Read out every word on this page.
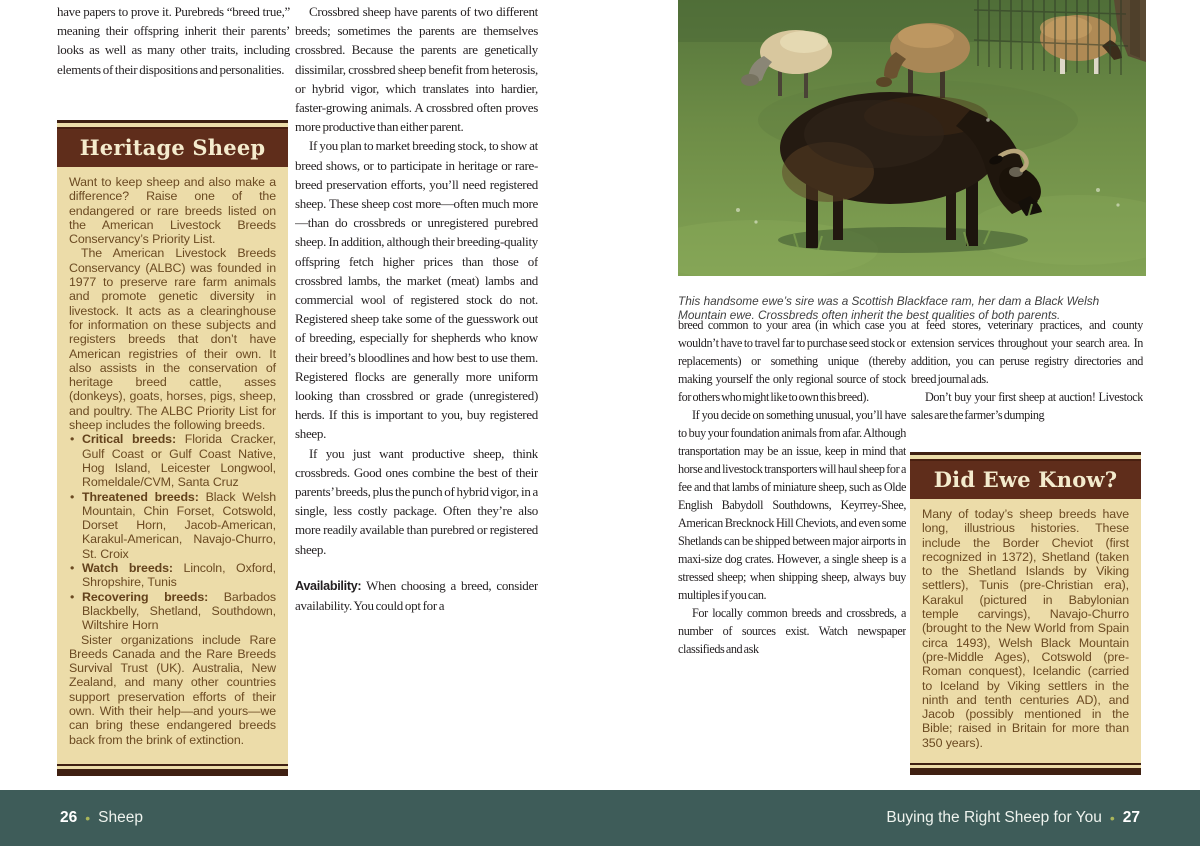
have papers to prove it. Purebreds “breed true,” meaning their offspring inherit their parents’ looks as well as many other traits, including elements of their dispositions and personalities.

Heritage Sheep

Want to keep sheep and also make a difference? Raise one of the endangered or rare breeds listed on the American Livestock Breeds Conservancy’s Priority List.

The American Livestock Breeds Conservancy (ALBC) was founded in 1977 to preserve rare farm animals and promote genetic diversity in livestock. It acts as a clearinghouse for information on these subjects and registers breeds that don’t have American registries of their own. It also assists in the conservation of heritage breed cattle, asses (donkeys), goats, horses, pigs, sheep, and poultry. The ALBC Priority List for sheep includes the following breeds.

• Critical breeds: Florida Cracker, Gulf Coast or Gulf Coast Native, Hog Island, Leicester Longwool, Romeldale/CVM, Santa Cruz
• Threatened breeds: Black Welsh Mountain, Chin Forset, Cotswold, Dorset Horn, Jacob-American, Karakul-American, Navajo-Churro, St. Croix
• Watch breeds: Lincoln, Oxford, Shropshire, Tunis
• Recovering breeds: Barbados Blackbelly, Shetland, Southdown, Wiltshire Horn

Sister organizations include Rare Breeds Canada and the Rare Breeds Survival Trust (UK). Australia, New Zealand, and many other countries support preservation efforts of their own. With their help—and yours—we can bring these endangered breeds back from the brink of extinction.

Crossbred sheep have parents of two different breeds; sometimes the parents are themselves crossbred. Because the parents are genetically dissimilar, crossbred sheep benefit from heterosis, or hybrid vigor, which translates into hardier, faster-growing animals. A crossbred often proves more productive than either parent.

If you plan to market breeding stock, to show at breed shows, or to participate in heritage or rare-breed preservation efforts, you’ll need registered sheep. These sheep cost more—often much more—than do crossbreds or unregistered purebred sheep. In addition, although their breeding-quality offspring fetch higher prices than those of crossbred lambs, the market (meat) lambs and commercial wool of registered stock do not. Registered sheep take some of the guesswork out of breeding, especially for shepherds who know their breed’s bloodlines and how best to use them. Registered flocks are generally more uniform looking than crossbred or grade (unregistered) herds. If this is important to you, buy registered sheep.

If you just want productive sheep, think crossbreds. Good ones combine the best of their parents’ breeds, plus the punch of hybrid vigor, in a single, less costly package. Often they’re also more readily available than purebred or registered sheep.

Availability: When choosing a breed, consider availability. You could opt for a

This handsome ewe’s sire was a Scottish Blackface ram, her dam a Black Welsh Mountain ewe. Crossbreds often inherit the best qualities of both parents.

breed common to your area (in which case you wouldn’t have to travel far to purchase seed stock or replacements) or something unique (thereby making yourself the only regional source of stock for others who might like to own this breed).

If you decide on something unusual, you’ll have to buy your foundation animals from afar. Although transportation may be an issue, keep in mind that horse and livestock transporters will haul sheep for a fee and that lambs of miniature sheep, such as Olde English Babydoll Southdowns, Keyrrey-Shee, American Brecknock Hill Cheviots, and even some Shetlands can be shipped between major airports in maxi-size dog crates. However, a single sheep is a stressed sheep; when shipping sheep, always buy multiples if you can.

For locally common breeds and crossbreds, a number of sources exist. Watch newspaper classifieds and ask

at feed stores, veterinary practices, and county extension services throughout your search area. In addition, you can peruse registry directories and breed journal ads.

Don’t buy your first sheep at auction! Livestock sales are the farmer’s dumping

Did Ewe Know?

Many of today’s sheep breeds have long, illustrious histories. These include the Border Cheviot (first recognized in 1372), Shetland (taken to the Shetland Islands by Viking settlers), Tunis (pre-Christian era), Karakul (pictured in Babylonian temple carvings), Navajo-Churro (brought to the New World from Spain circa 1493), Welsh Black Mountain (pre-Middle Ages), Cotswold (pre-Roman conquest), Icelandic (carried to Iceland by Viking settlers in the ninth and tenth centuries AD), and Jacob (possibly mentioned in the Bible; raised in Britain for more than 350 years).

26 • Sheep	Buying the Right Sheep for You • 27
